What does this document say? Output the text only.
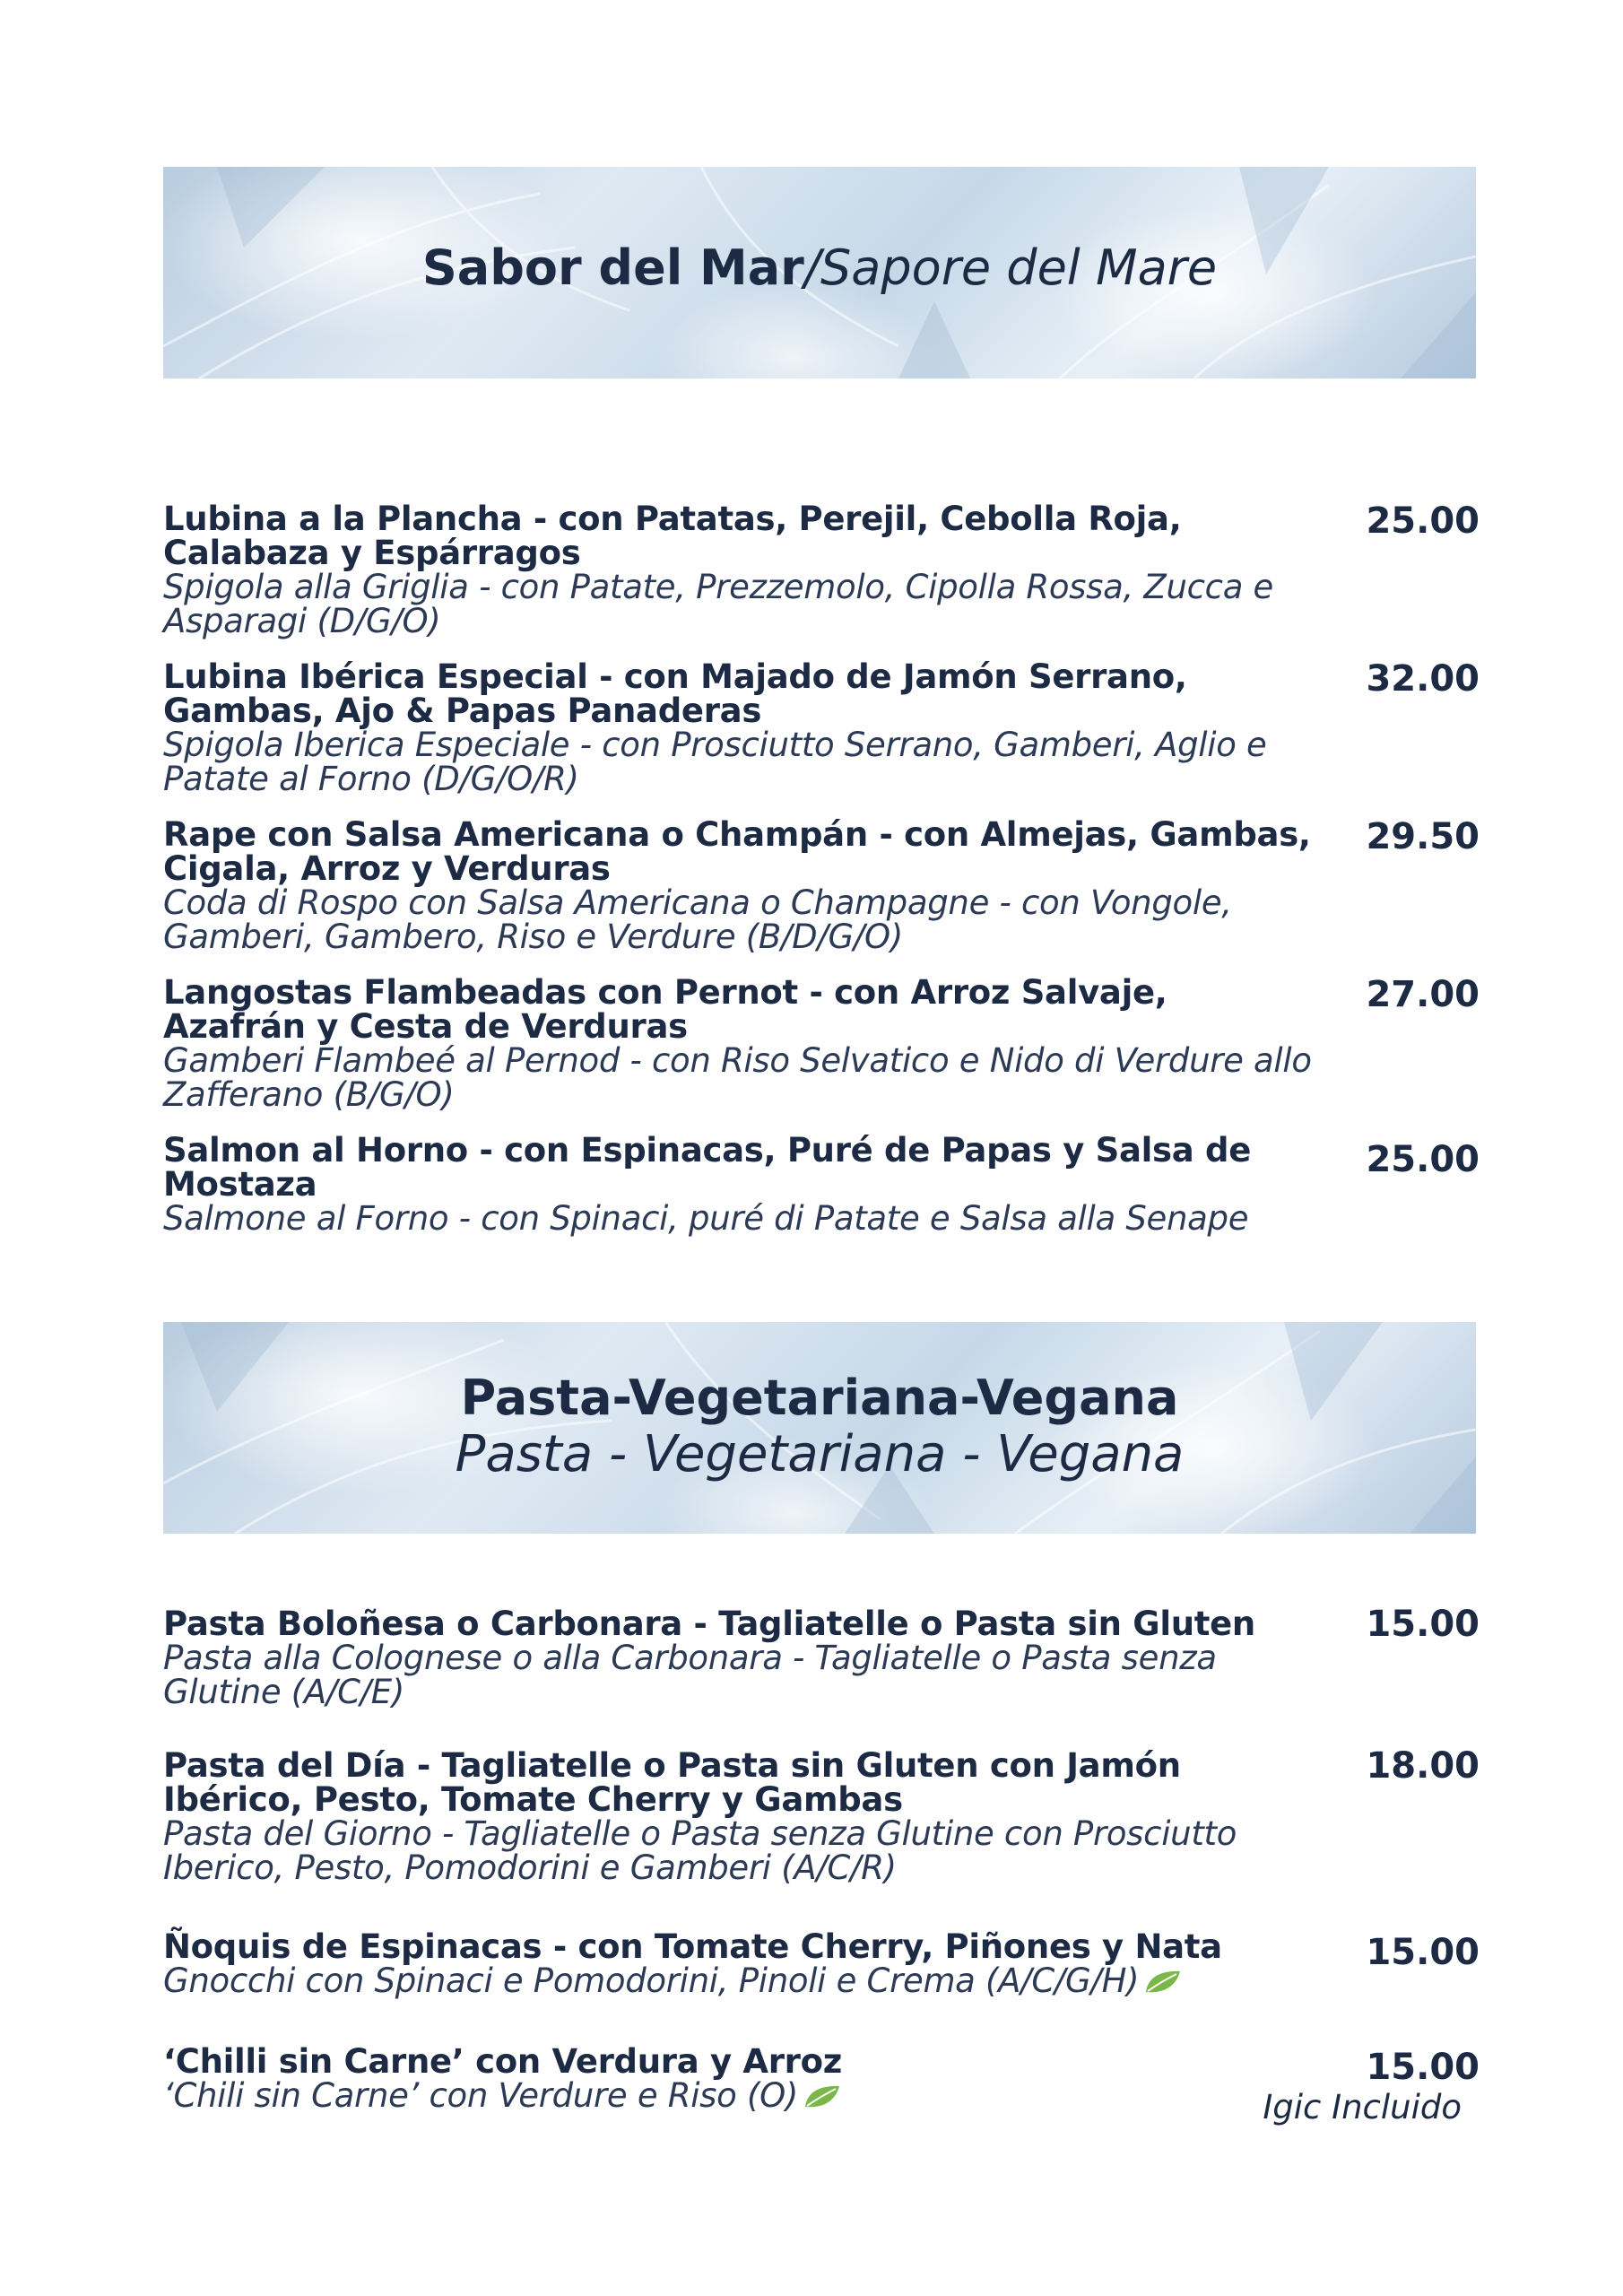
Sabor del Mar/Sapore del Mare
Lubina a la Plancha - con Patatas, Perejil, Cebolla Roja, Calabaza y Espárragos
Spigola alla Griglia - con Patate, Prezzemolo, Cipolla Rossa, Zucca e Asparagi (D/G/O)
25.00
Lubina Ibérica Especial - con Majado de Jamón Serrano, Gambas, Ajo & Papas Panaderas
Spigola Iberica Especiale - con Prosciutto Serrano, Gamberi, Aglio e Patate al Forno (D/G/O/R)
32.00
Rape con Salsa Americana o Champán - con Almejas, Gambas, Cigala, Arroz y Verduras
Coda di Rospo con Salsa Americana o Champagne - con Vongole, Gamberi, Gambero, Riso e Verdure (B/D/G/O)
29.50
Langostas Flambeadas con Pernot - con Arroz Salvaje, Azafrán y Cesta de Verduras
Gamberi Flambeé al Pernod - con Riso Selvatico e Nido di Verdure allo Zafferano (B/G/O)
27.00
Salmon al Horno - con Espinacas, Puré de Papas y Salsa de Mostaza
Salmone al Forno - con Spinaci, puré di Patate e Salsa alla Senape
25.00
Pasta-Vegetariana-Vegana
Pasta - Vegetariana - Vegana
Pasta Boloñesa o Carbonara - Tagliatelle o Pasta sin Gluten
Pasta alla Colognese o alla Carbonara - Tagliatelle o Pasta senza Glutine (A/C/E)
15.00
Pasta del Día - Tagliatelle o Pasta sin Gluten con Jamón Ibérico, Pesto, Tomate Cherry y Gambas
Pasta del Giorno - Tagliatelle o Pasta senza Glutine con Prosciutto Iberico, Pesto, Pomodorini e Gamberi (A/C/R)
18.00
Ñoquis de Espinacas - con Tomate Cherry, Piñones y Nata
Gnocchi con Spinaci e Pomodorini, Pinoli e Crema (A/C/G/H)
15.00
‘Chilli sin Carne’ con Verdura y Arroz
‘Chili sin Carne’ con Verdure e Riso (O)
15.00
Igic Incluido
